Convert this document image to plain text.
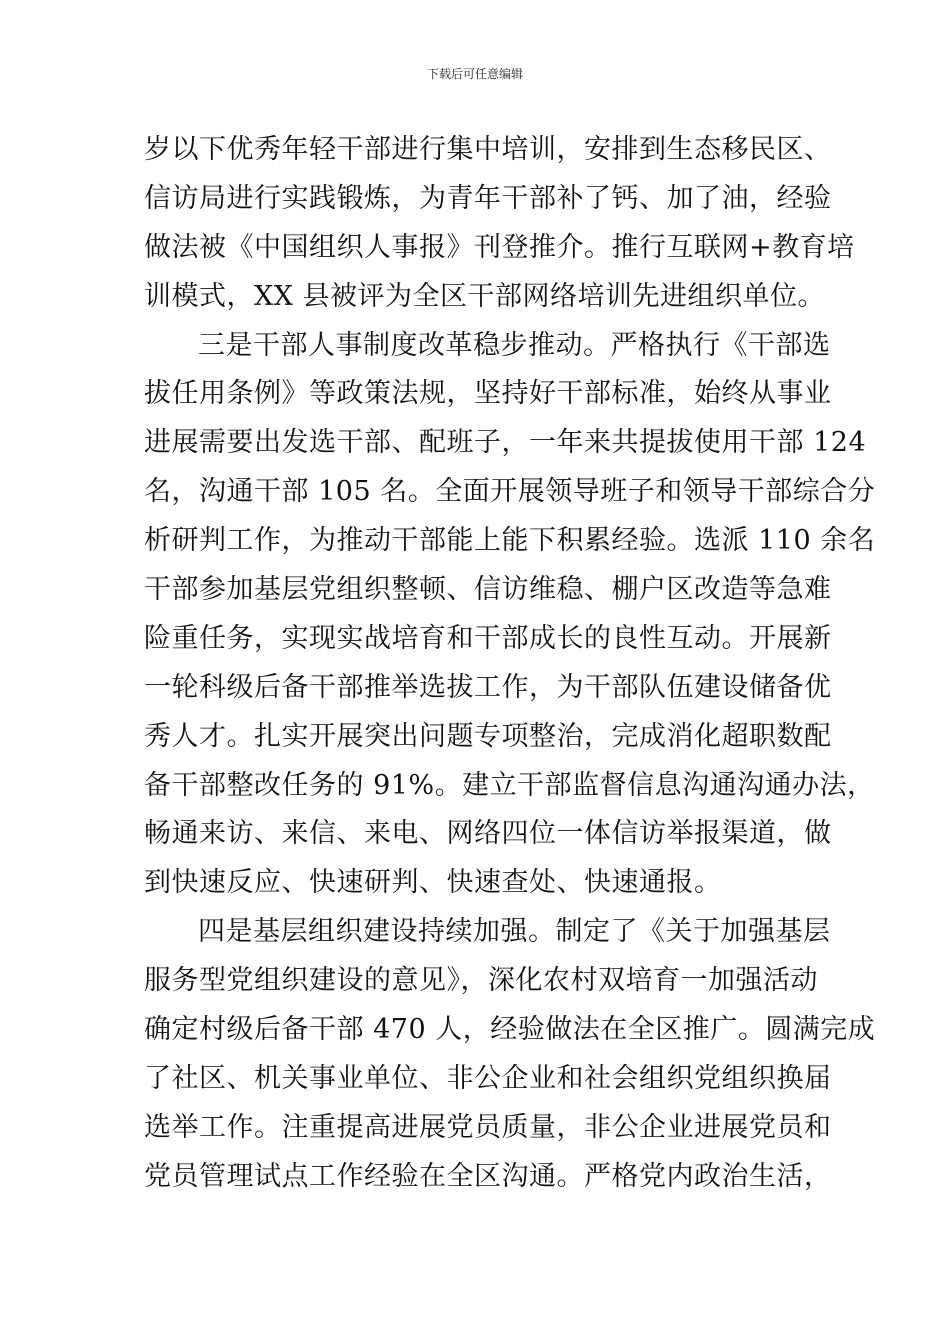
下载后可任意编辑
岁以下优秀年轻干部进行集中培训，安排到生态移民区、
信访局进行实践锻炼，为青年干部补了钙、加了油，经验
做法被《中国组织人事报》刊登推介。推行互联网+教育培
训模式，XX 县被评为全区干部网络培训先进组织单位。
三是干部人事制度改革稳步推动。严格执行《干部选
拔任用条例》等政策法规，坚持好干部标准，始终从事业
进展需要出发选干部、配班子，一年来共提拔使用干部 124
名，沟通干部 105 名。全面开展领导班子和领导干部综合分
析研判工作，为推动干部能上能下积累经验。选派 110 余名
干部参加基层党组织整顿、信访维稳、棚户区改造等急难
险重任务，实现实战培育和干部成长的良性互动。开展新
一轮科级后备干部推举选拔工作，为干部队伍建设储备优
秀人才。扎实开展突出问题专项整治，完成消化超职数配
备干部整改任务的 91%。建立干部监督信息沟通沟通办法，
畅通来访、来信、来电、网络四位一体信访举报渠道，做
到快速反应、快速研判、快速查处、快速通报。
四是基层组织建设持续加强。制定了《关于加强基层
服务型党组织建设的意见》，深化农村双培育一加强活动
确定村级后备干部 470 人，经验做法在全区推广。圆满完成
了社区、机关事业单位、非公企业和社会组织党组织换届
选举工作。注重提高进展党员质量，非公企业进展党员和
党员管理试点工作经验在全区沟通。严格党内政治生活，
